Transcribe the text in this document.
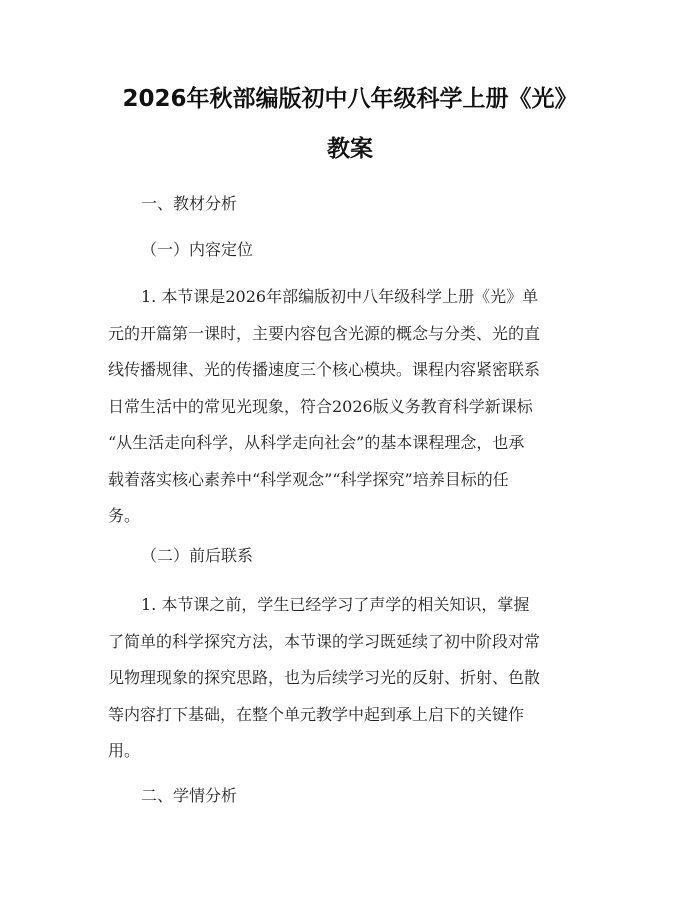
2026年秋部编版初中八年级科学上册《光》
教案

一、教材分析

（一）内容定位

1. 本节课是2026年部编版初中八年级科学上册《光》单
元的开篇第一课时，主要内容包含光源的概念与分类、光的直
线传播规律、光的传播速度三个核心模块。课程内容紧密联系
日常生活中的常见光现象，符合2026版义务教育科学新课标
“从生活走向科学，从科学走向社会”的基本课程理念，也承
载着落实核心素养中“科学观念”“科学探究”培养目标的任
务。

（二）前后联系

1. 本节课之前，学生已经学习了声学的相关知识，掌握
了简单的科学探究方法，本节课的学习既延续了初中阶段对常
见物理现象的探究思路，也为后续学习光的反射、折射、色散
等内容打下基础，在整个单元教学中起到承上启下的关键作
用。

二、学情分析
